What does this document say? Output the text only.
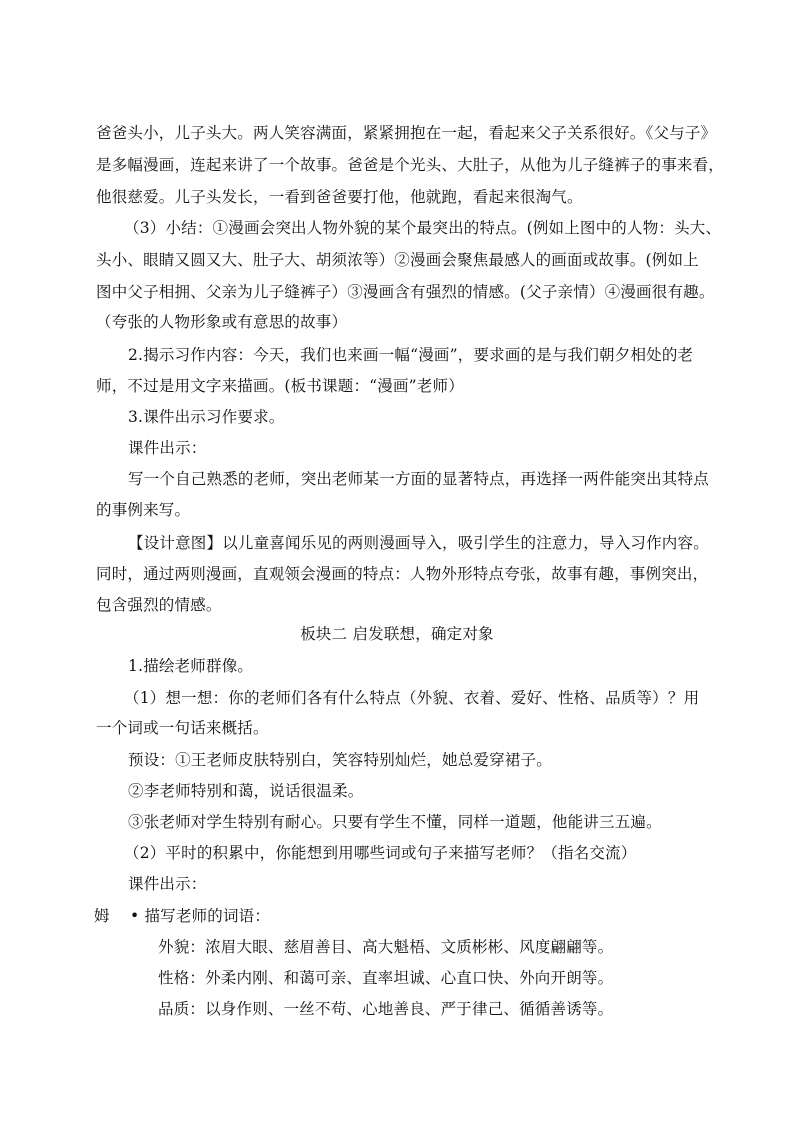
爸爸头小，儿子头大。两人笑容满面，紧紧拥抱在一起，看起来父子关系很好。《父与子》
是多幅漫画，连起来讲了一个故事。爸爸是个光头、大肚子，从他为儿子缝裤子的事来看，
他很慈爱。儿子头发长，一看到爸爸要打他，他就跑，看起来很淘气。
（3）小结：①漫画会突出人物外貌的某个最突出的特点。(例如上图中的人物：头大、
头小、眼睛又圆又大、肚子大、胡须浓等）②漫画会聚焦最感人的画面或故事。(例如上
图中父子相拥、父亲为儿子缝裤子）③漫画含有强烈的情感。(父子亲情）④漫画很有趣。
（夸张的人物形象或有意思的故事）
2.揭示习作内容：今天，我们也来画一幅“漫画”，要求画的是与我们朝夕相处的老
师，不过是用文字来描画。(板书课题：“漫画”老师）
3.课件出示习作要求。
课件出示：
写一个自己熟悉的老师，突出老师某一方面的显著特点，再选择一两件能突出其特点
的事例来写。
【设计意图】以儿童喜闻乐见的两则漫画导入，吸引学生的注意力，导入习作内容。
同时，通过两则漫画，直观领会漫画的特点：人物外形特点夸张，故事有趣，事例突出，
包含强烈的情感。
板块二 启发联想，确定对象
1.描绘老师群像。
（1）想一想：你的老师们各有什么特点（外貌、衣着、爱好、性格、品质等）？用
一个词或一句话来概括。
预设：①王老师皮肤特别白，笑容特别灿烂，她总爱穿裙子。
②李老师特别和蔼，说话很温柔。
③张老师对学生特别有耐心。只要有学生不懂，同样一道题，他能讲三五遍。
（2）平时的积累中，你能想到用哪些词或句子来描写老师？（指名交流）
课件出示：
姆 • 描写老师的词语：
外貌：浓眉大眼、慈眉善目、高大魁梧、文质彬彬、风度翩翩等。
性格：外柔内刚、和蔼可亲、直率坦诚、心直口快、外向开朗等。
品质：以身作则、一丝不苟、心地善良、严于律己、循循善诱等。
